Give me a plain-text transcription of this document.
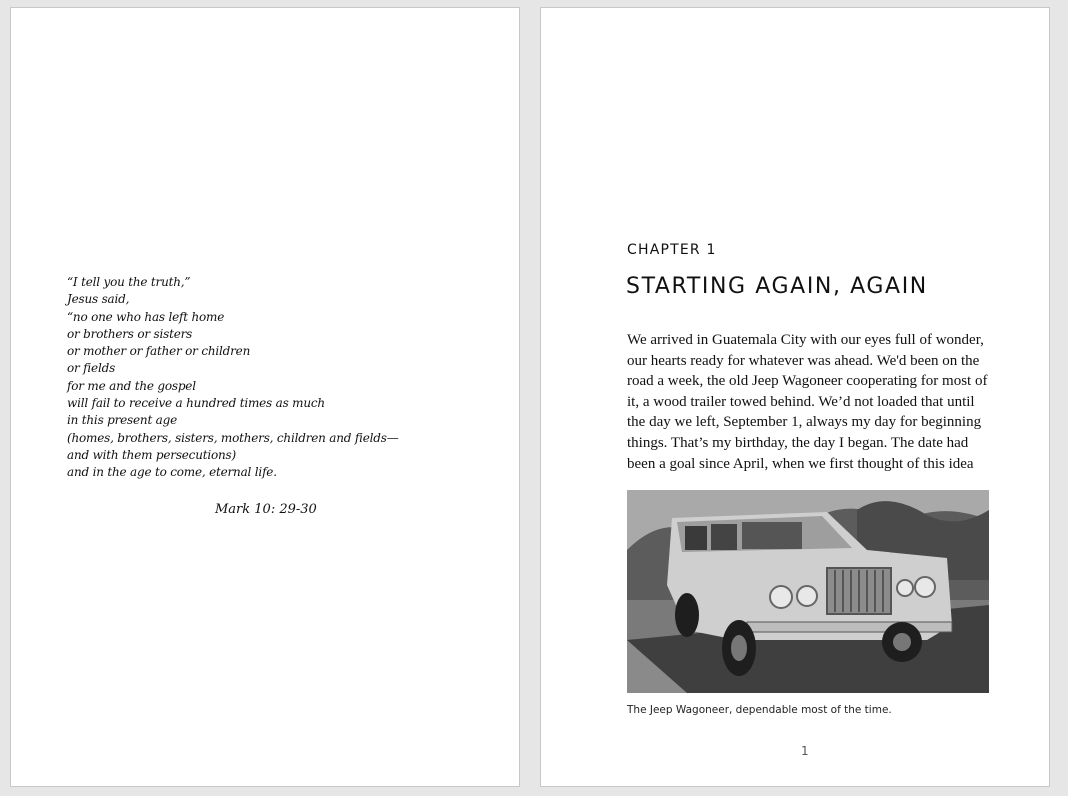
“I tell you the truth,”
Jesus said,
“no one who has left home
or brothers or sisters
or mother or father or children
or fields
for me and the gospel
will fail to receive a hundred times as much
in this present age
(homes, brothers, sisters, mothers, children and fields—
and with them persecutions)
and in the age to come, eternal life.
Mark 10: 29-30
CHAPTER 1
STARTING AGAIN, AGAIN
We arrived in Guatemala City with our eyes full of wonder,
our hearts ready for whatever was ahead. We'd been on the
road a week, the old Jeep Wagoneer cooperating for most of
it, a wood trailer towed behind. We’d not loaded that until
the day we left, September 1, always my day for beginning
things. That’s my birthday, the day I began. The date had
been a goal since April, when we first thought of this idea
The Jeep Wagoneer, dependable most of the time.
1
